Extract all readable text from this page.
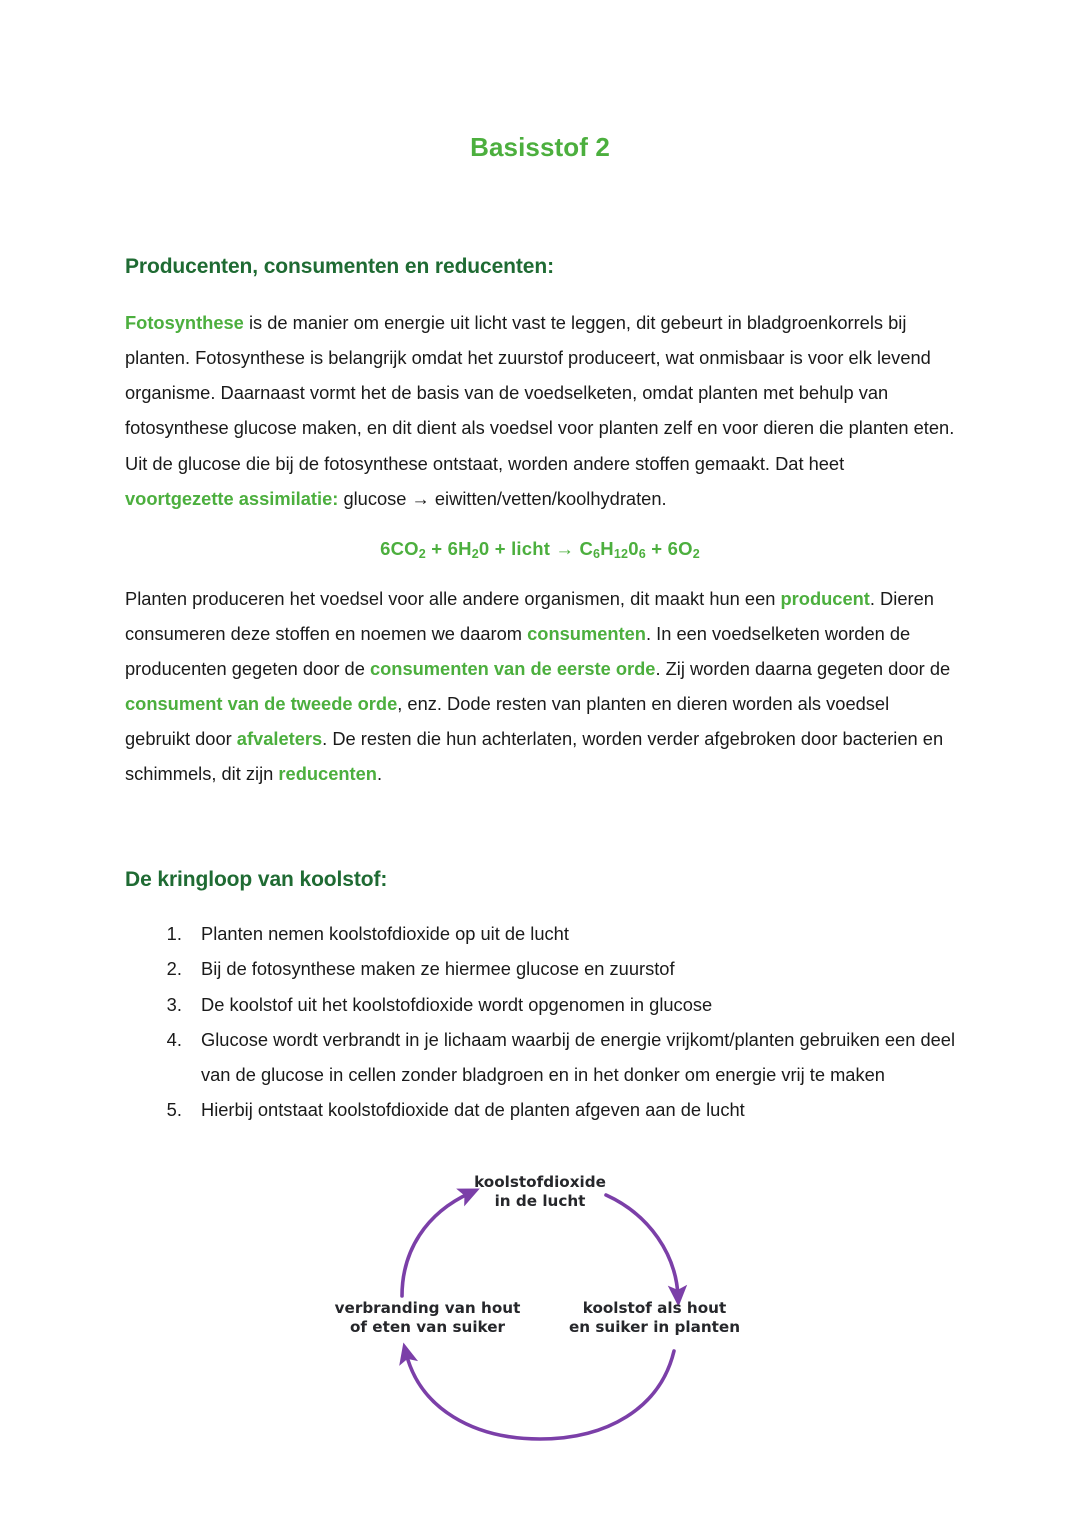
Basisstof 2
Producenten, consumenten en reducenten:

Fotosynthese is de manier om energie uit licht vast te leggen, dit gebeurt in bladgroenkorrels bij planten. Fotosynthese is belangrijk omdat het zuurstof produceert, wat onmisbaar is voor elk levend organisme. Daarnaast vormt het de basis van de voedselketen, omdat planten met behulp van fotosynthese glucose maken, en dit dient als voedsel voor planten zelf en voor dieren die planten eten. Uit de glucose die bij de fotosynthese ontstaat, worden andere stoffen gemaakt. Dat heet voortgezette assimilatie: glucose → eiwitten/vetten/koolhydraten.

$6CO_2 + 6H_20$ + licht → $C_6H_{12}0_6 + 6O_2$

Planten produceren het voedsel voor alle andere organismen, dit maakt hun een producent. Dieren consumeren deze stoffen en noemen we daarom consumenten. In een voedselketen worden de producenten gegeten door de consumenten van de eerste orde. Zij worden daarna gegeten door de consument van de tweede orde, enz. Dode resten van planten en dieren worden als voedsel gebruikt door afvaleters. De resten die hun achterlaten, worden verder afgebroken door bacterien en schimmels, dit zijn reducenten.

De kringloop van koolstof:
1. Planten nemen koolstofdioxide op uit de lucht
2. Bij de fotosynthese maken ze hiermee glucose en zuurstof
3. De koolstof uit het koolstofdioxide wordt opgenomen in glucose
4. Glucose wordt verbrandt in je lichaam waarbij de energie vrijkomt/planten gebruiken een deel van de glucose in cellen zonder bladgroen en in het donker om energie vrij te maken
5. Hierbij ontstaat koolstofdioxide dat de planten afgeven aan de lucht
koolstofdioxide
in de lucht
verbranding van hout
of eten van suiker
koolstof als hout
en suiker in planten
